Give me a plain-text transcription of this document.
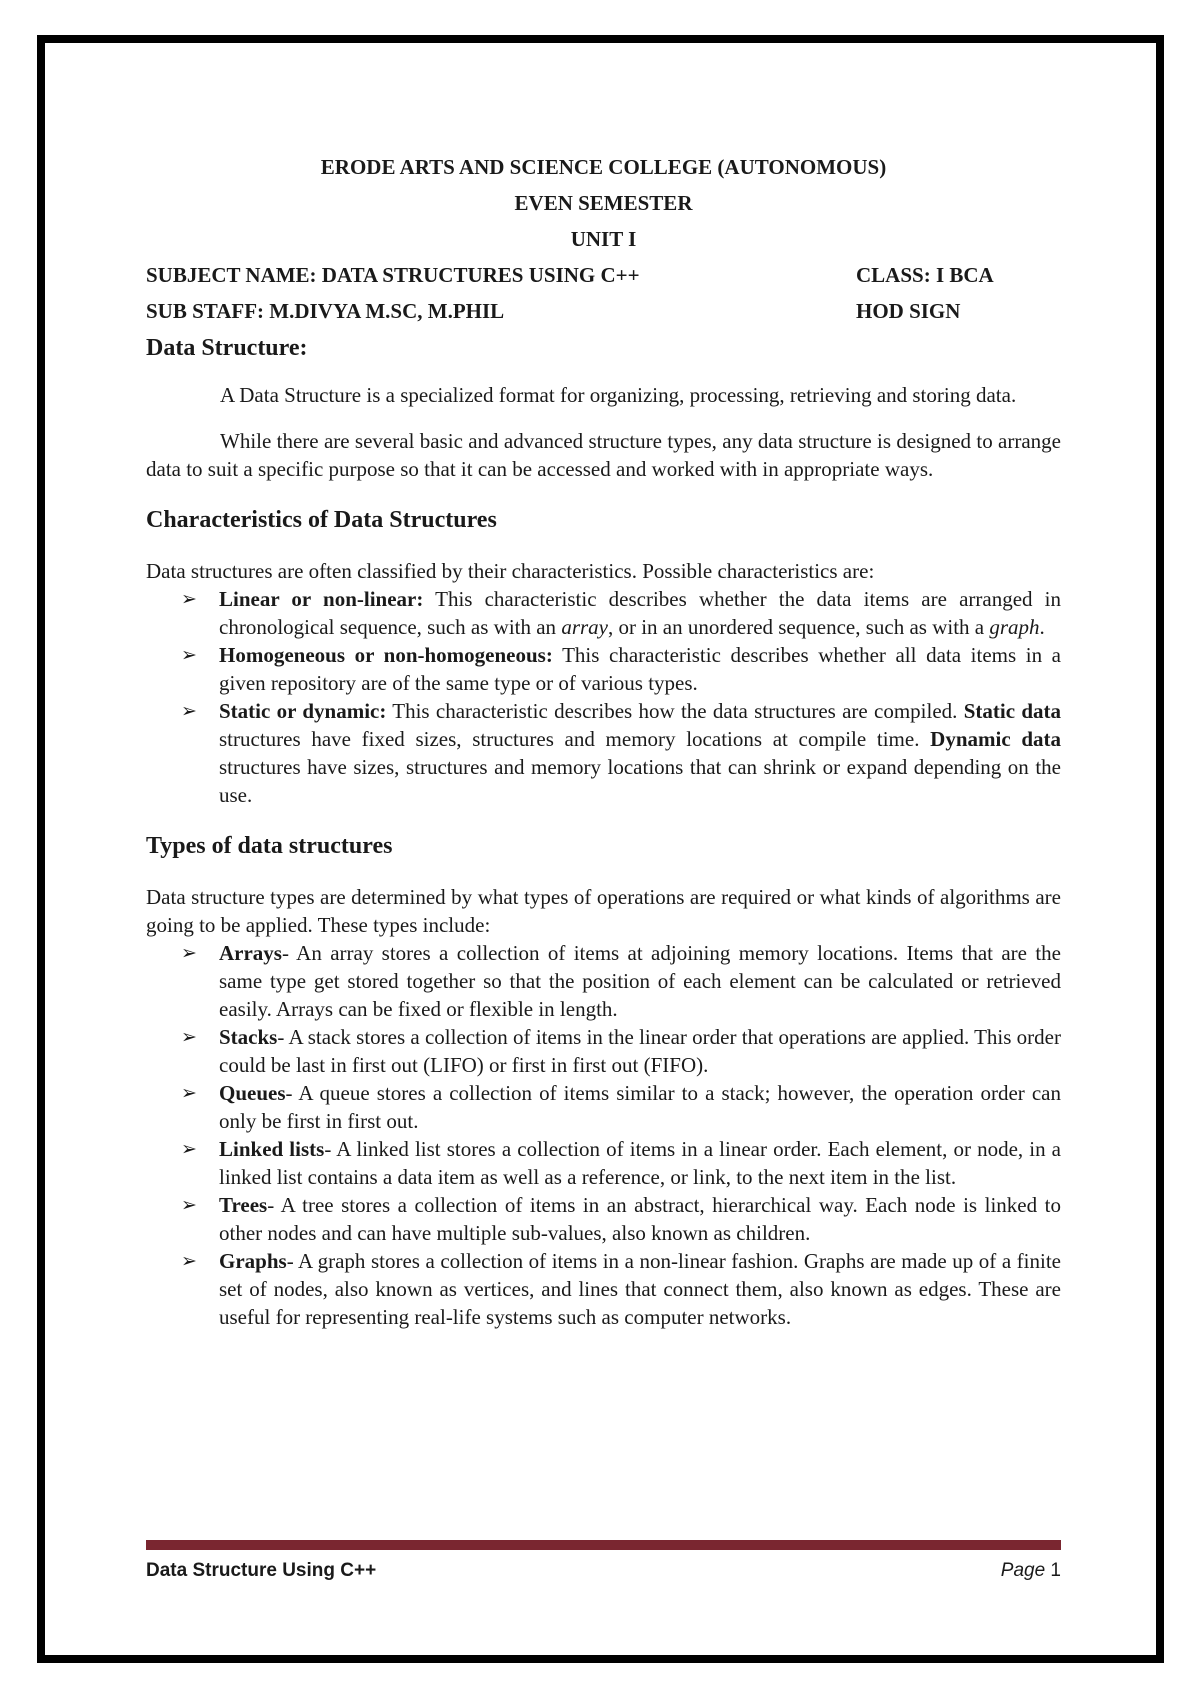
ERODE ARTS AND SCIENCE COLLEGE (AUTONOMOUS)
EVEN SEMESTER
UNIT I
SUBJECT NAME: DATA STRUCTURES USING C++	CLASS: I BCA
SUB STAFF: M.DIVYA M.SC, M.PHIL	HOD SIGN
Data Structure:

A Data Structure is a specialized format for organizing, processing, retrieving and storing data.

While there are several basic and advanced structure types, any data structure is designed to arrange data to suit a specific purpose so that it can be accessed and worked with in appropriate ways.

Characteristics of Data Structures

Data structures are often classified by their characteristics. Possible characteristics are:

➢ Linear or non-linear: This characteristic describes whether the data items are arranged in chronological sequence, such as with an array, or in an unordered sequence, such as with a graph.
➢ Homogeneous or non-homogeneous: This characteristic describes whether all data items in a given repository are of the same type or of various types.
➢ Static or dynamic: This characteristic describes how the data structures are compiled. Static data structures have fixed sizes, structures and memory locations at compile time. Dynamic data structures have sizes, structures and memory locations that can shrink or expand depending on the use.
Types of data structures

Data structure types are determined by what types of operations are required or what kinds of algorithms are going to be applied. These types include:

➢ Arrays- An array stores a collection of items at adjoining memory locations. Items that are the same type get stored together so that the position of each element can be calculated or retrieved easily. Arrays can be fixed or flexible in length.
➢ Stacks- A stack stores a collection of items in the linear order that operations are applied. This order could be last in first out (LIFO) or first in first out (FIFO).
➢ Queues- A queue stores a collection of items similar to a stack; however, the operation order can only be first in first out.
➢ Linked lists- A linked list stores a collection of items in a linear order. Each element, or node, in a linked list contains a data item as well as a reference, or link, to the next item in the list.
➢ Trees- A tree stores a collection of items in an abstract, hierarchical way. Each node is linked to other nodes and can have multiple sub-values, also known as children.
➢ Graphs- A graph stores a collection of items in a non-linear fashion. Graphs are made up of a finite set of nodes, also known as vertices, and lines that connect them, also known as edges. These are useful for representing real-life systems such as computer networks.
Data Structure Using C++	Page 1
